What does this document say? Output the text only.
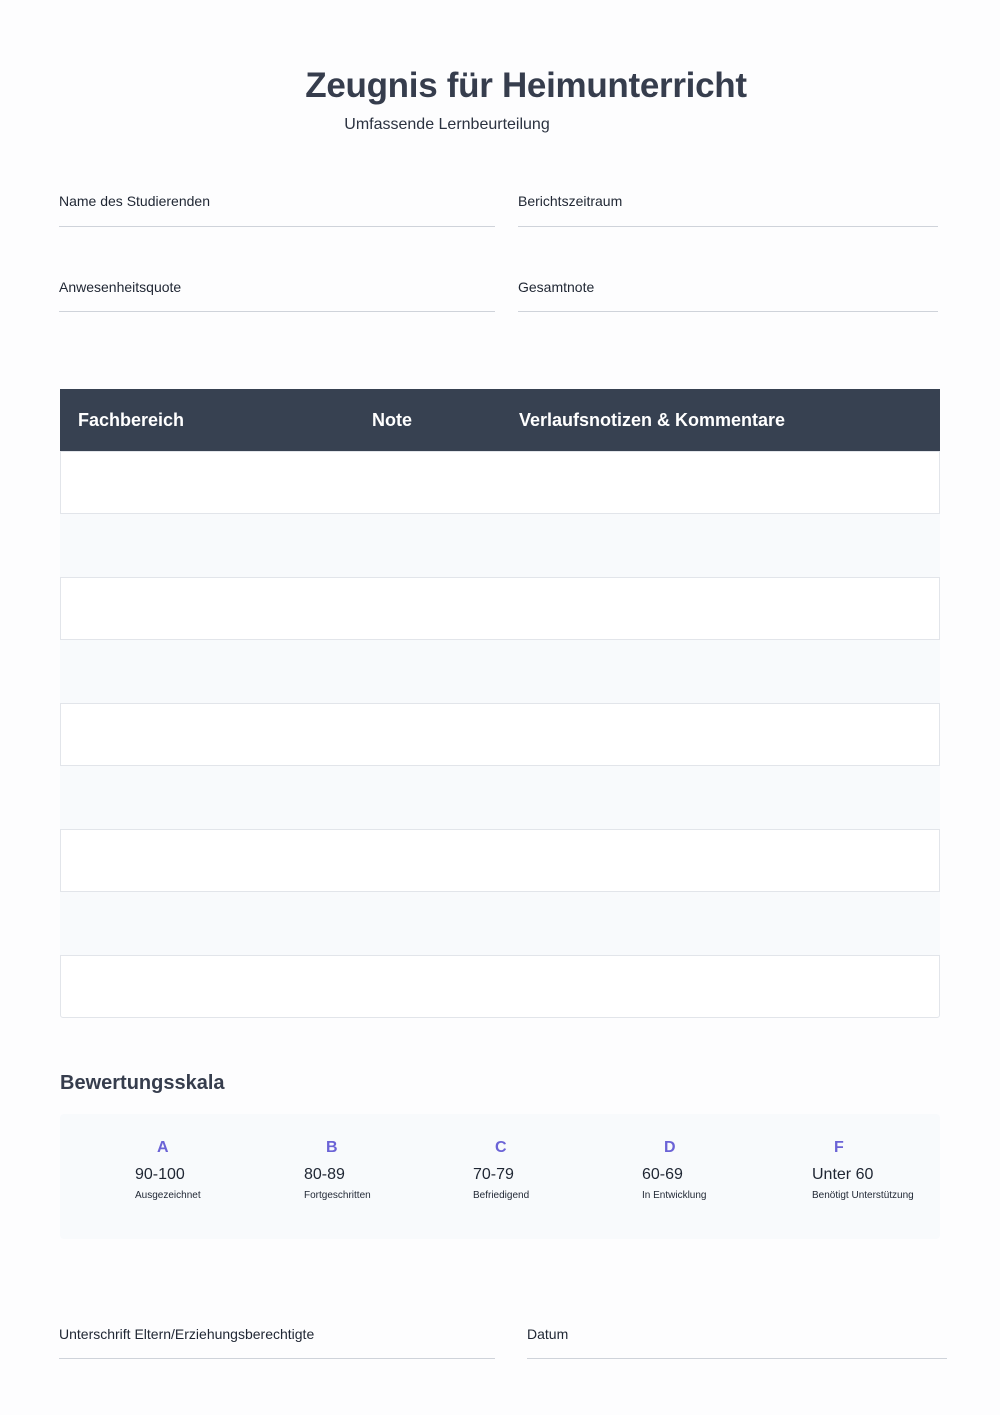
Zeugnis für Heimunterricht
Umfassende Lernbeurteilung
Name des Studierenden	Berichtszeitraum
Anwesenheitsquote	Gesamtnote
Fachbereich	Note	Verlaufsnotizen & Kommentare
Bewertungsskala
A
90-100
Ausgezeichnet
B
80-89
Fortgeschritten
C
70-79
Befriedigend
D
60-69
In Entwicklung
F
Unter 60
Benötigt Unterstützung
Unterschrift Eltern/Erziehungsberechtigte	Datum
